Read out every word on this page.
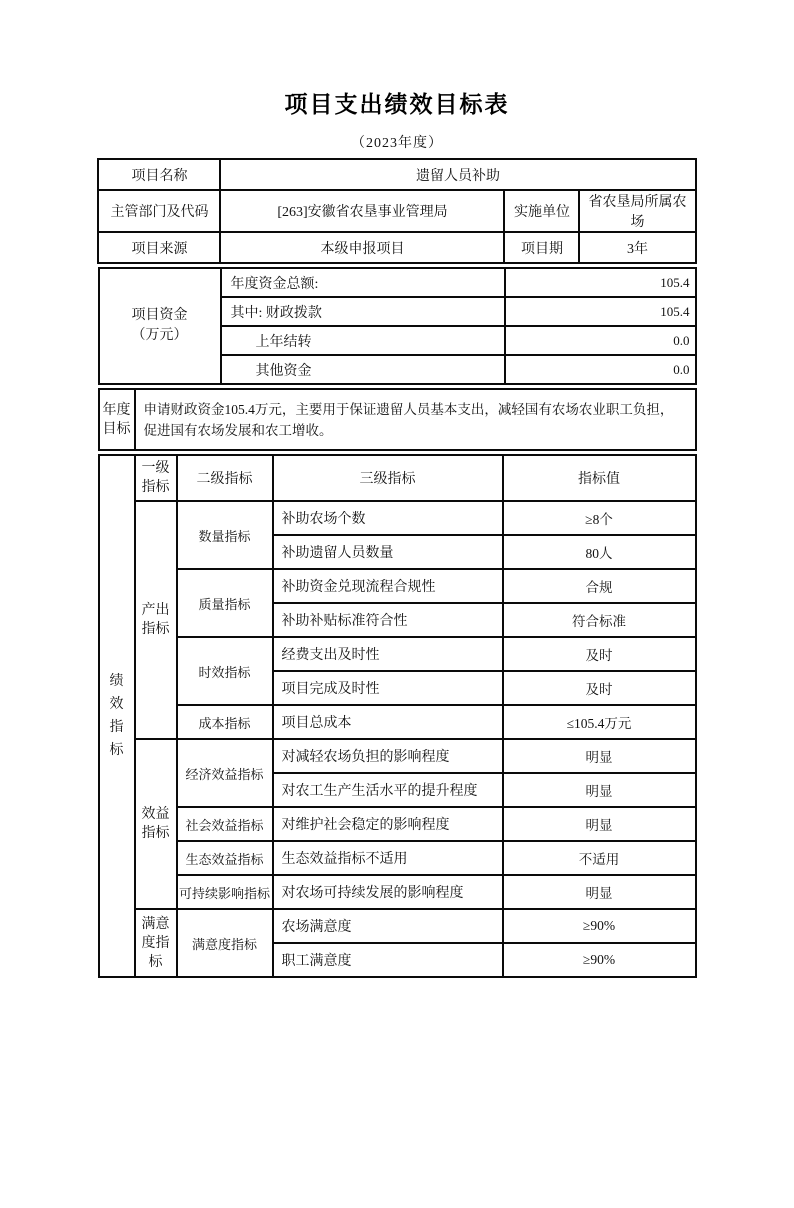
项目支出绩效目标表
（2023年度）
项目名称	遗留人员补助		
主管部门及代码	[263]安徽省农垦事业管理局	实施单位	省农垦局所属农场
项目来源	本级申报项目	项目期	3年
项目资金
（万元）	年度资金总额:	105.4
	其中: 财政拨款	105.4
	上年结转	0.0
	其他资金	0.0
年度目标	申请财政资金105.4万元，主要用于保证遗留人员基本支出，减轻国有农场农业职工负担，促进国有农场发展和农工增收。
绩效指标	一级指标	二级指标	三级指标	指标值
	产出指标	数量指标	补助农场个数	≥8个
			补助遗留人员数量	80人
		质量指标	补助资金兑现流程合规性	合规
			补助补贴标准符合性	符合标准
		时效指标	经费支出及时性	及时
			项目完成及时性	及时
		成本指标	项目总成本	≤105.4万元
	效益指标	经济效益指标	对减轻农场负担的影响程度	明显
			对农工生产生活水平的提升程度	明显
		社会效益指标	对维护社会稳定的影响程度	明显
		生态效益指标	生态效益指标不适用	不适用
		可持续影响指标	对农场可持续发展的影响程度	明显
	满意度指标	满意度指标	农场满意度	≥90%
			职工满意度	≥90%
